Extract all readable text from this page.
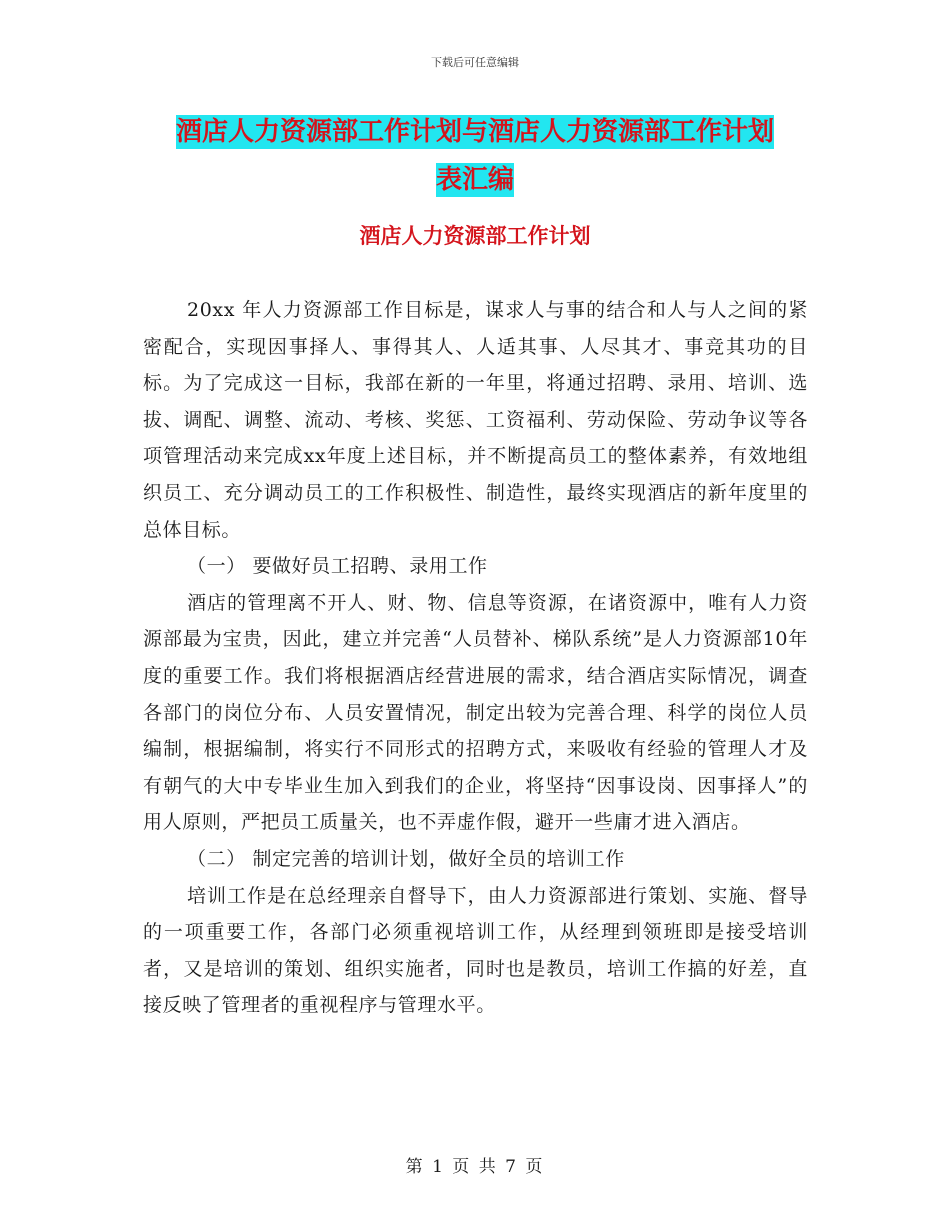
下载后可任意编辑
酒店人力资源部工作计划与酒店人力资源部工作计划
表汇编
酒店人力资源部工作计划

20xx 年人力资源部工作目标是，谋求人与事的结合和人与人之间的紧密配合，实现因事择人、事得其人、人适其事、人尽其才、事竞其功的目标。为了完成这一目标，我部在新的一年里，将通过招聘、录用、培训、选拔、调配、调整、流动、考核、奖惩、工资福利、劳动保险、劳动争议等各项管理活动来完成xx年度上述目标，并不断提高员工的整体素养，有效地组织员工、充分调动员工的工作积极性、制造性，最终实现酒店的新年度里的总体目标。

（一） 要做好员工招聘、录用工作

酒店的管理离不开人、财、物、信息等资源，在诸资源中，唯有人力资源部最为宝贵，因此，建立并完善“人员替补、梯队系统”是人力资源部10年度的重要工作。我们将根据酒店经营进展的需求，结合酒店实际情况，调查各部门的岗位分布、人员安置情况，制定出较为完善合理、科学的岗位人员编制，根据编制，将实行不同形式的招聘方式，来吸收有经验的管理人才及有朝气的大中专毕业生加入到我们的企业，将坚持“因事设岗、因事择人”的用人原则，严把员工质量关，也不弄虚作假，避开一些庸才进入酒店。

（二） 制定完善的培训计划，做好全员的培训工作

培训工作是在总经理亲自督导下，由人力资源部进行策划、实施、督导的一项重要工作，各部门必须重视培训工作，从经理到领班即是接受培训者，又是培训的策划、组织实施者，同时也是教员，培训工作搞的好差，直接反映了管理者的重视程序与管理水平。

第 1 页 共 7 页
